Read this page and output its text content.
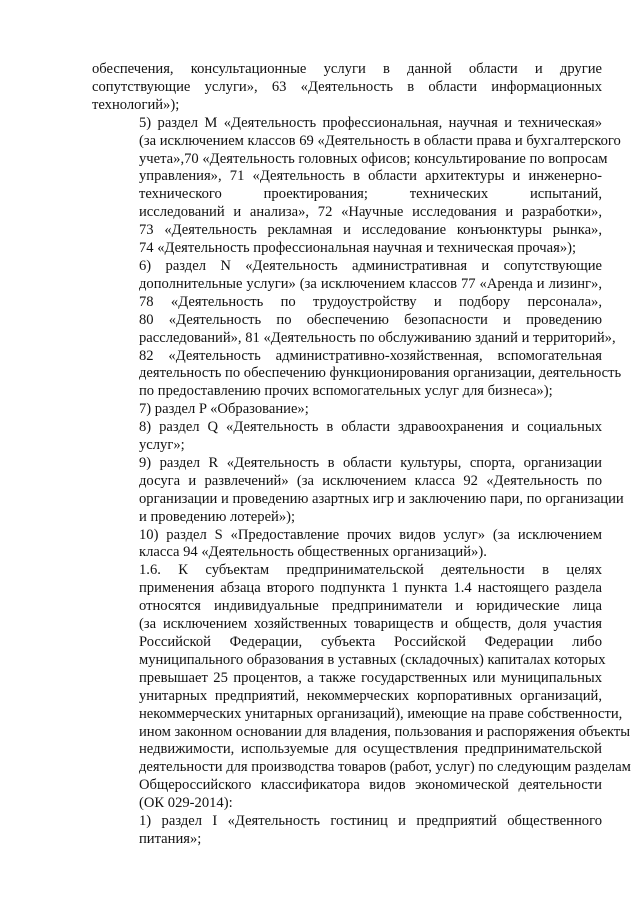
обеспечения, консультационные услуги в данной области и другие
сопутствующие услуги», 63 «Деятельность в области информационных
технологий»);

5) раздел M «Деятельность профессиональная, научная и техническая»
(за исключением классов 69 «Деятельность в области права и бухгалтерского
учета»,70 «Деятельность головных офисов; консультирование по вопросам
управления», 71 «Деятельность в области архитектуры и инженерно-
технического проектирования; технических испытаний,
исследований и анализа», 72 «Научные исследования и разработки»,
73 «Деятельность рекламная и исследование конъюнктуры рынка»,
74 «Деятельность профессиональная научная и техническая прочая»);

6) раздел N «Деятельность административная и сопутствующие
дополнительные услуги» (за исключением классов 77 «Аренда и лизинг»,
78 «Деятельность по трудоустройству и подбору персонала»,
80 «Деятельность по обеспечению безопасности и проведению
расследований», 81 «Деятельность по обслуживанию зданий и территорий»,
82 «Деятельность административно-хозяйственная, вспомогательная
деятельность по обеспечению функционирования организации, деятельность
по предоставлению прочих вспомогательных услуг для бизнеса»);

7) раздел P «Образование»;

8) раздел Q «Деятельность в области здравоохранения и социальных
услуг»;

9) раздел R «Деятельность в области культуры, спорта, организации
досуга и развлечений» (за исключением класса 92 «Деятельность по
организации и проведению азартных игр и заключению пари, по организации
и проведению лотерей»);

10) раздел S «Предоставление прочих видов услуг» (за исключением
класса 94 «Деятельность общественных организаций»).

1.6. К субъектам предпринимательской деятельности в целях
применения абзаца второго подпункта 1 пункта 1.4 настоящего раздела
относятся индивидуальные предприниматели и юридические лица
(за исключением хозяйственных товариществ и обществ, доля участия
Российской Федерации, субъекта Российской Федерации либо
муниципального образования в уставных (складочных) капиталах которых
превышает 25 процентов, а также государственных или муниципальных
унитарных предприятий, некоммерческих корпоративных организаций,
некоммерческих унитарных организаций), имеющие на праве собственности,
ином законном основании для владения, пользования и распоряжения объекты
недвижимости, используемые для осуществления предпринимательской
деятельности для производства товаров (работ, услуг) по следующим разделам
Общероссийского классификатора видов экономической деятельности
(ОК 029-2014):

1) раздел I «Деятельность гостиниц и предприятий общественного
питания»;
